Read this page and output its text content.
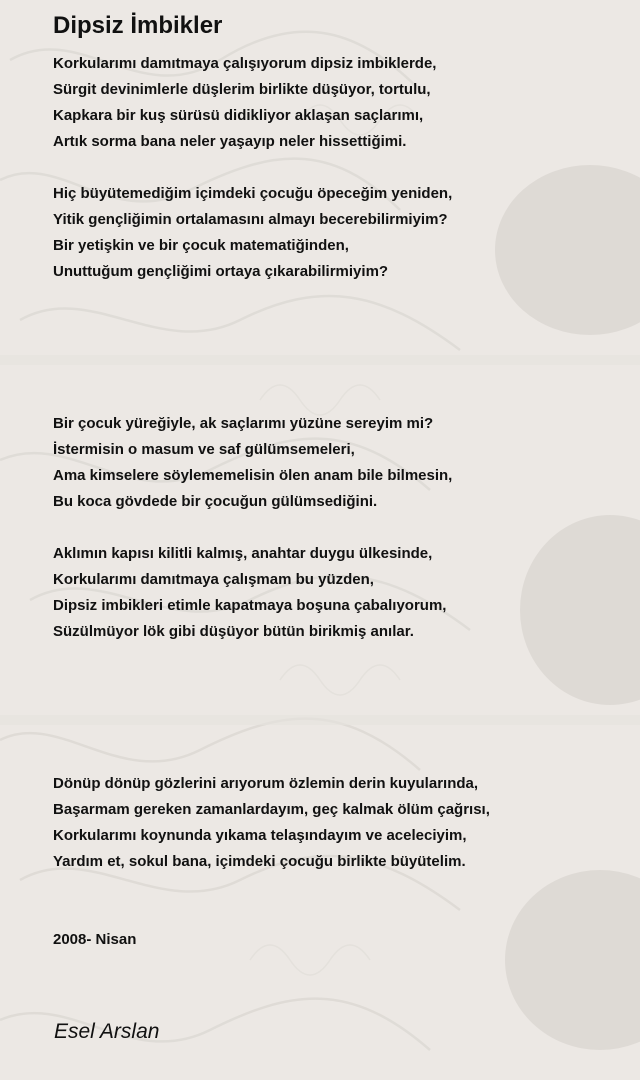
Dipsiz İmbikler
Korkularımı damıtmaya çalışıyorum dipsiz imbiklerde,
Sürgit devinimlerle düşlerim birlikte düşüyor, tortulu,
Kapkara bir kuş sürüsü didikliyor aklaşan saçlarımı,
Artık sorma bana neler yaşayıp neler hissettiğimi.
Hiç büyütemediğim içimdeki çocuğu öpeceğim yeniden,
Yitik gençliğimin ortalamasını almayı becerebilirmiyim?
Bir yetişkin ve bir çocuk matematiğinden,
Unuttuğum gençliğimi ortaya çıkarabilirmiyim?
Bir çocuk yüreğiyle, ak saçlarımı yüzüne sereyim mi?
İstermisin o masum ve saf gülümsemeleri,
Ama kimselere söylememelisin ölen anam bile bilmesin,
Bu koca gövdede bir çocuğun gülümsediğini.
Aklımın kapısı kilitli kalmış, anahtar duygu ülkesinde,
Korkularımı damıtmaya çalışmam bu yüzden,
Dipsiz imbikleri etimle kapatmaya boşuna çabalıyorum,
Süzülmüyor lök gibi düşüyor bütün birikmiş anılar.
Dönüp dönüp gözlerini arıyorum özlemin derin kuyularında,
Başarmam gereken zamanlardayım, geç kalmak ölüm çağrısı,
Korkularımı koynunda yıkama telaşındayım ve aceleciyim,
Yardım et, sokul bana, içimdeki çocuğu birlikte büyütelim.
2008- Nisan
Esel Arslan
